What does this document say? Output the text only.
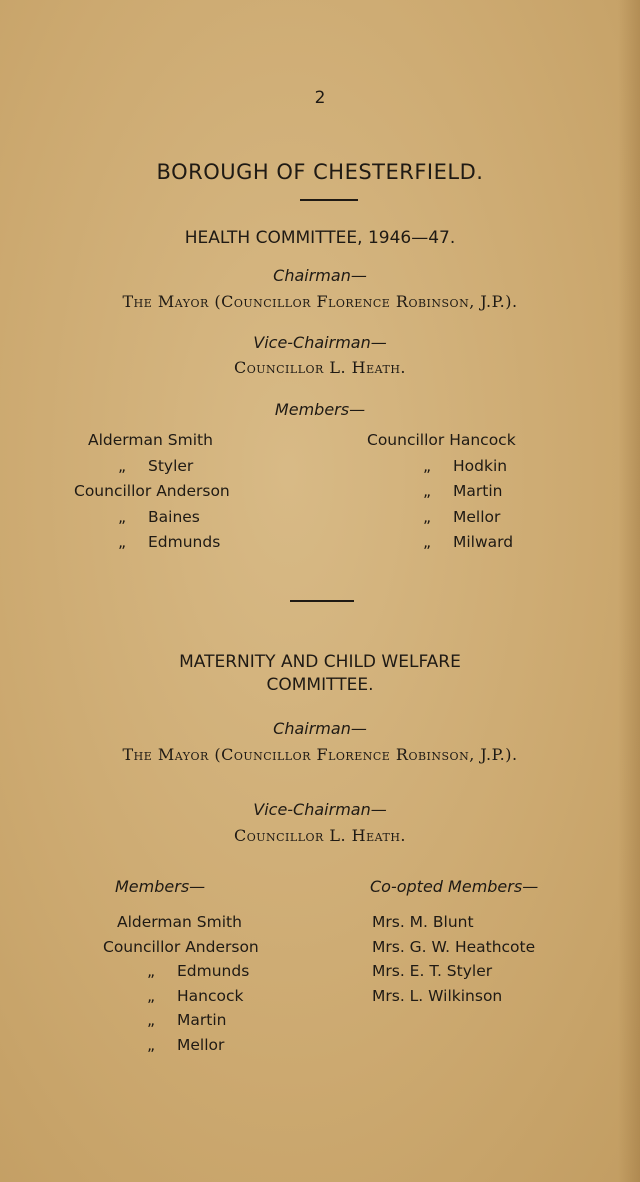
2
BOROUGH OF CHESTERFIELD.
HEALTH COMMITTEE, 1946—47.
Chairman—
The Mayor (Councillor Florence Robinson, J.P.).
Vice-Chairman—
Councillor L. Heath.
Members—
Alderman Smith
„ Styler
Councillor Anderson
„ Baines
„ Edmunds
Councillor Hancock
„ Hodkin
„ Martin
„ Mellor
„ Milward
MATERNITY AND CHILD WELFARE
COMMITTEE.
Chairman—
The Mayor (Councillor Florence Robinson, J.P.).
Vice-Chairman—
Councillor L. Heath.
Members—	Co-opted Members—
Alderman Smith
Councillor Anderson
„ Edmunds
„ Hancock
„ Martin
„ Mellor
Mrs. M. Blunt
Mrs. G. W. Heathcote
Mrs. E. T. Styler
Mrs. L. Wilkinson
